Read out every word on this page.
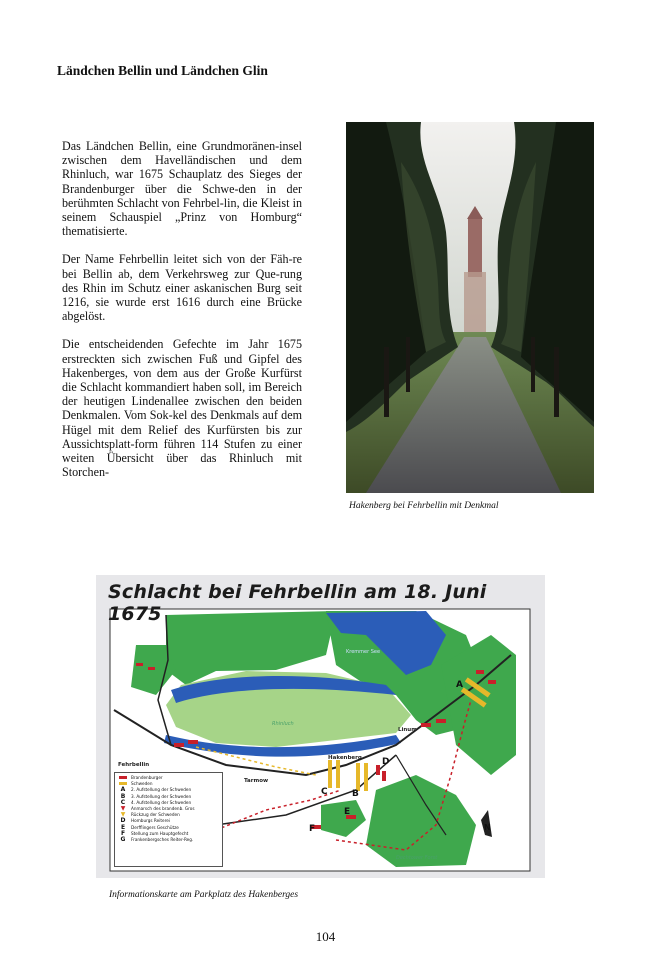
Ländchen Bellin und Ländchen Glin

Das Ländchen Bellin, eine Grundmoränen-insel zwischen dem Havelländischen und dem Rhinluch, war 1675 Schauplatz des Sieges der Brandenburger über die Schwe-den in der berühmten Schlacht von Fehrbel-lin, die Kleist in seinem Schauspiel „Prinz von Homburg“ thematisierte.

Der Name Fehrbellin leitet sich von der Fäh-re bei Bellin ab, dem Verkehrsweg zur Que-rung des Rhin im Schutz einer askanischen Burg seit 1216, sie wurde erst 1616 durch eine Brücke abgelöst.

Die entscheidenden Gefechte im Jahr 1675 erstreckten sich zwischen Fuß und Gipfel des Hakenberges, von dem aus der Große Kurfürst die Schlacht kommandiert haben soll, im Bereich der heutigen Lindenallee zwischen den beiden Denkmalen. Vom Sok-kel des Denkmals auf dem Hügel mit dem Relief des Kurfürsten bis zur Aussichtsplatt-form führen 114 Stufen zu einer weiten Übersicht über das Rhinluch mit Storchen-

Hakenberg bei Fehrbellin mit Denkmal
Schlacht bei Fehrbellin am 18. Juni 1675
Fehrbellin
Tarmow
Hakenberg
Linum
Rhinluch
Kremmer See
Dechtower Forst
A
B
C
D
E
F	N
Brandenburger
Schweden
A	2. Aufstellung der Schweden
B	3. Aufstellung der Schweden
C	4. Aufstellung der Schweden
▼	Anmarsch des brandenb. Gros
▼	Rückzug der Schweden
D	Homburgs Reiterei
E	Derfflingers Geschütze
F	Stellung zum Hauptgefecht
G	Frankenbergsches Reiter-Reg.
Informationskarte am Parkplatz des Hakenberges
104
